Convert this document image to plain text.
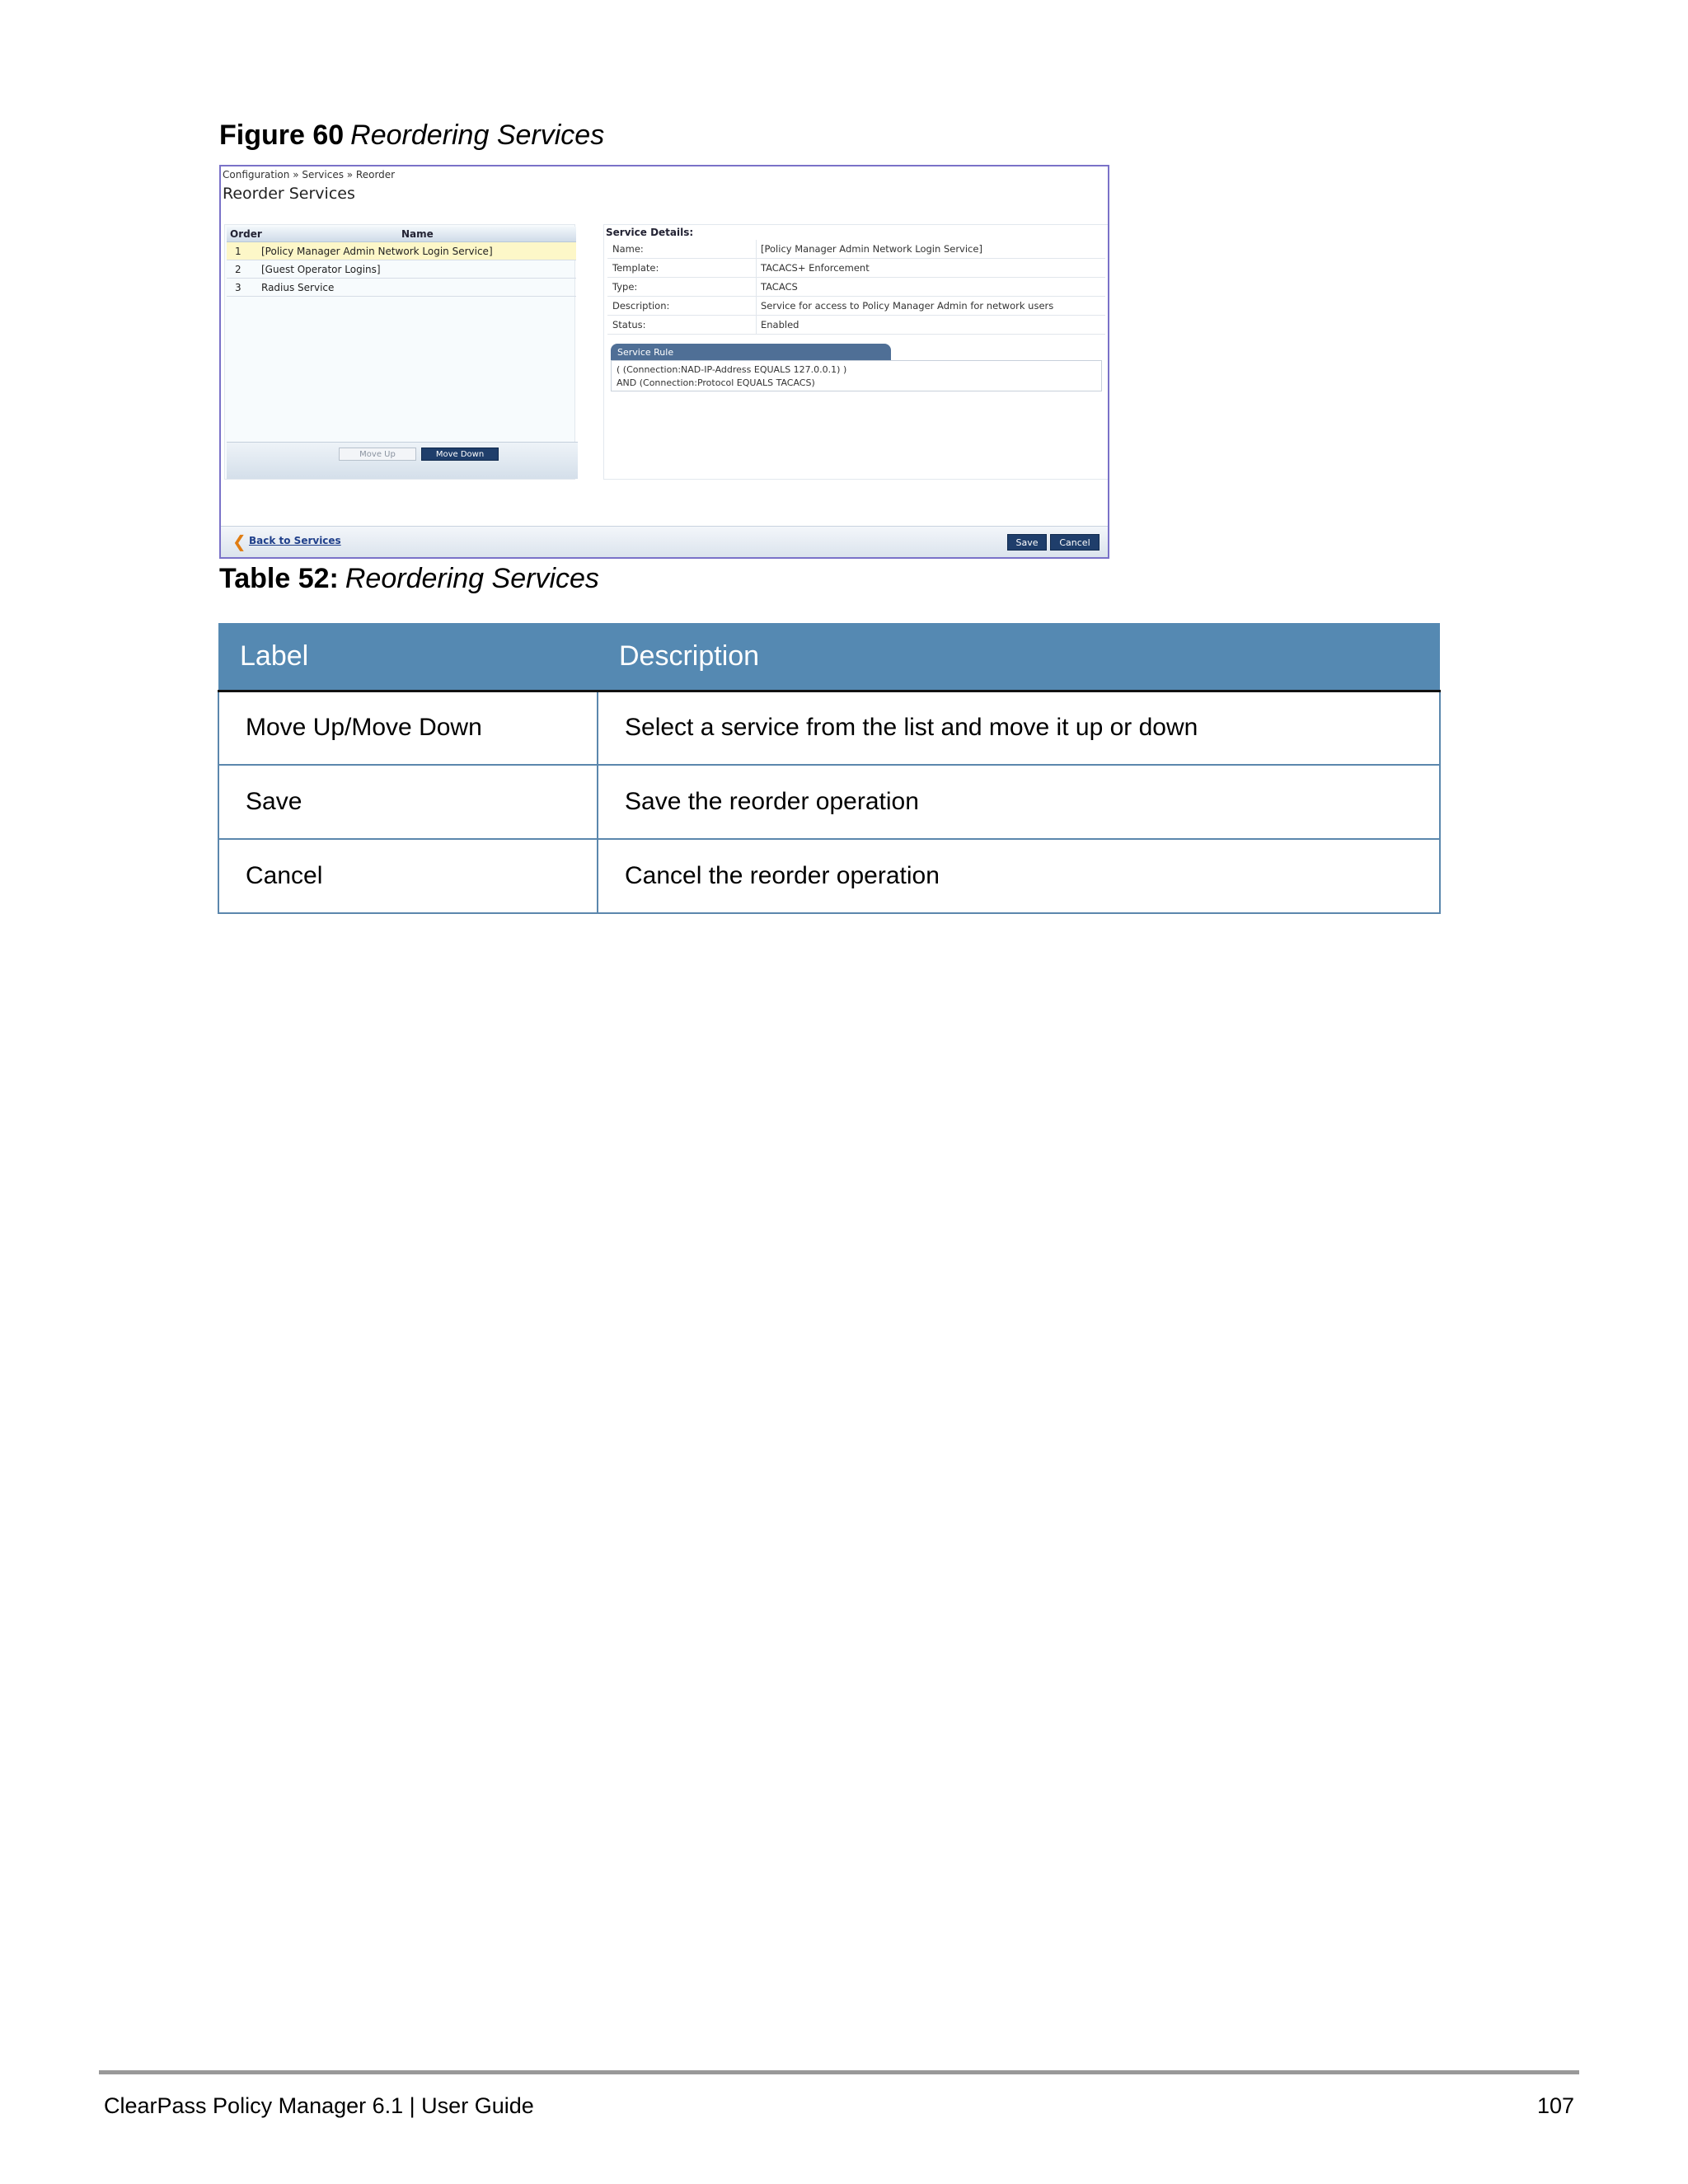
Figure 60 Reordering Services
Configuration » Services » Reorder
Reorder Services
Order	Name
1 [Policy Manager Admin Network Login Service]
2 [Guest Operator Logins]
3 Radius Service
Move Up	Move Down
Service Details:
Name:	[Policy Manager Admin Network Login Service]
Template:	TACACS+ Enforcement
Type:	TACACS
Description:	Service for access to Policy Manager Admin for network users
Status:	Enabled
Service Rule
( (Connection:NAD-IP-Address EQUALS 127.0.0.1) )
AND (Connection:Protocol EQUALS TACACS)
❮ Back to Services	Save	Cancel
Table 52: Reordering Services
Label	Description
Move Up/Move Down	Select a service from the list and move it up or down
Save	Save the reorder operation
Cancel	Cancel the reorder operation
ClearPass Policy Manager 6.1 | User Guide	107
